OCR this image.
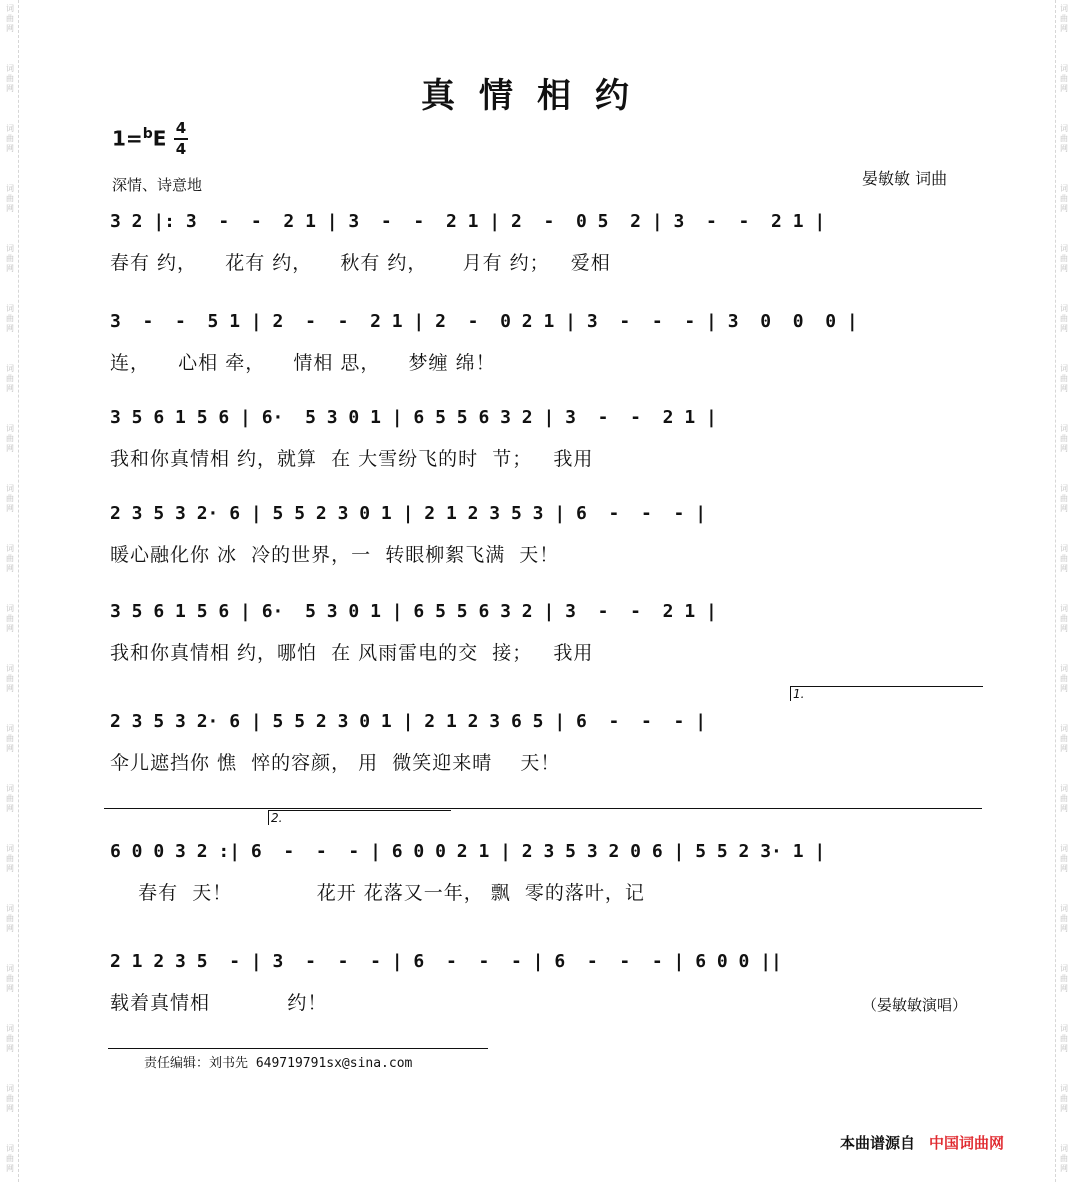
词
曲
网
词
曲
网
词
曲
网
词
曲
网
词
曲
网
词
曲
网
词
曲
网
词
曲
网
词
曲
网
词
曲
网
词
曲
网
词
曲
网
词
曲
网
词
曲
网
词
曲
网
词
曲
网
词
曲
网
词
曲
网
词
曲
网
词
曲
网
词
曲
网
词
曲
网
词
曲
网
词
曲
网
词
曲
网
词
曲
网
词
曲
网
词
曲
网
词
曲
网
词
曲
网
词
曲
网
词
曲
网
词
曲
网
词
曲
网
词
曲
网
词
曲
网
词
曲
网
词
曲
网
词
曲
网
词
曲
网
真情相约
1=$^b$E 4
4
深情、诗意地	晏敏敏 词曲
3 2 |: 3  -  -  2 1 | 3  -  -  2 1 | 2  -  0 5  2 | 3  -  -  2 1 |
春有 约，    花有 约，    秋有 约，     月有 约；   爱相
3  -  -  5 1 | 2  -  -  2 1 | 2  -  0 2 1 | 3  -  -  - | 3  0  0  0 |
连，    心相 牵，    情相 思，    梦缠 绵！
3 5 6 1 5 6 | 6·  5 3 0 1 | 6 5 5 6 3 2 | 3  -  -  2 1 |
我和你真情相 约，就算  在 大雪纷飞的时  节；   我用
2 3 5 3 2· 6 | 5 5 2 3 0 1 | 2 1 2 3 5 3 | 6  -  -  - |
暖心融化你 冰  冷的世界，一  转眼柳絮飞满  天！
3 5 6 1 5 6 | 6·  5 3 0 1 | 6 5 5 6 3 2 | 3  -  -  2 1 |
我和你真情相 约，哪怕  在 风雨雷电的交  接；   我用
2 3 5 3 2· 6 | 5 5 2 3 0 1 | 2 1 2 3 6 5 | 6  -  -  - |
伞儿遮挡你 憔  悴的容颜， 用  微笑迎来晴    天！
1.
2.
6 0 0 3 2 :| 6  -  -  - | 6 0 0 2 1 | 2 3 5 3 2 0 6 | 5 5 2 3· 1 |
春有  天！            花开 花落又一年， 飘  零的落叶，记
2 1 2 3 5  - | 3  -  -  - | 6  -  -  - | 6  -  -  - | 6 0 0 ||
载着真情相           约！	（晏敏敏演唱）
责任编辑：刘书先 649719791sx@sina.com
本曲谱源自 中国词曲网
